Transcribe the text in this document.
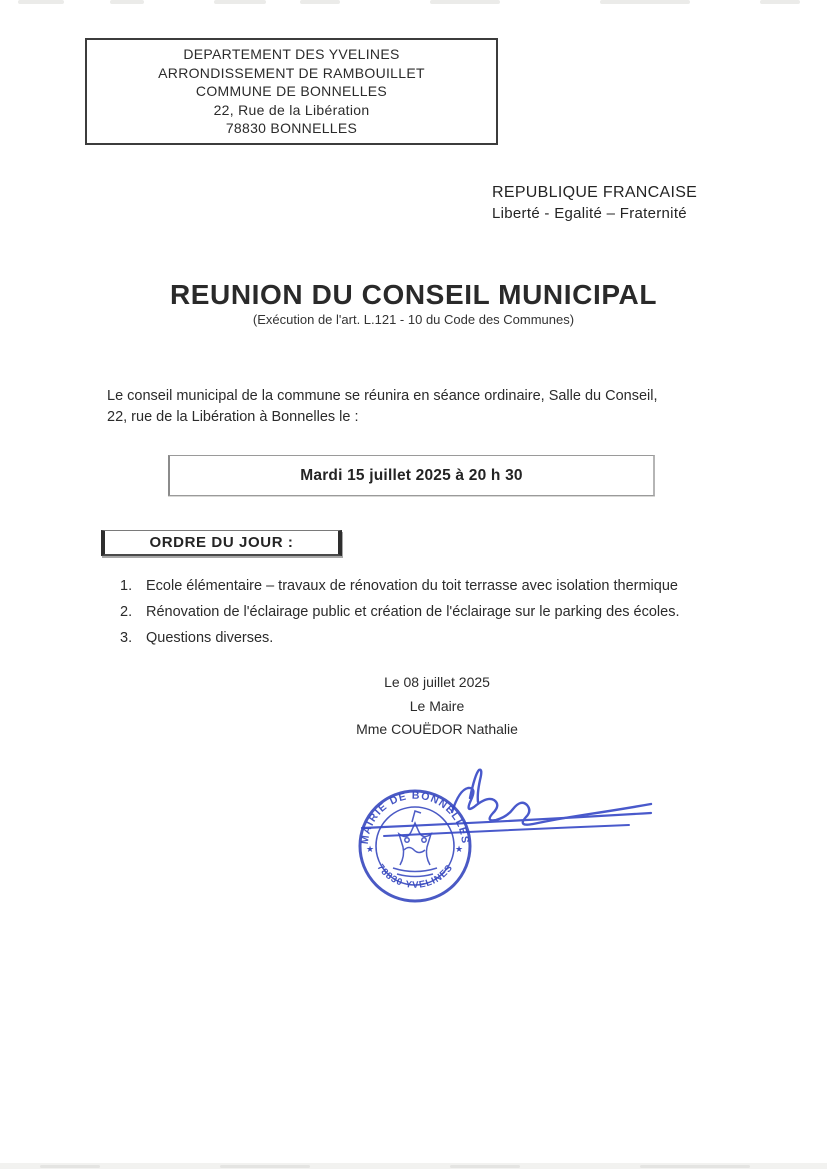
DEPARTEMENT DES YVELINES
ARRONDISSEMENT DE RAMBOUILLET
COMMUNE DE BONNELLES
22, Rue de la Libération
78830 BONNELLES
REPUBLIQUE FRANCAISE
Liberté - Egalité – Fraternité
REUNION DU CONSEIL MUNICIPAL
(Exécution de l'art. L.121 - 10 du Code des Communes)

Le conseil municipal de la commune se réunira en séance ordinaire, Salle du Conseil,
22, rue de la Libération à Bonnelles le :

Mardi 15 juillet 2025 à 20 h 30
ORDRE DU JOUR :
1. Ecole élémentaire – travaux de rénovation du toit terrasse avec isolation thermique
2. Rénovation de l'éclairage public et création de l'éclairage sur le parking des écoles.
3. Questions diverses.
Le 08 juillet 2025
Le Maire
Mme COUËDOR Nathalie
MAIRIE DE BONNELLES
78830 YVELINES
★	★
